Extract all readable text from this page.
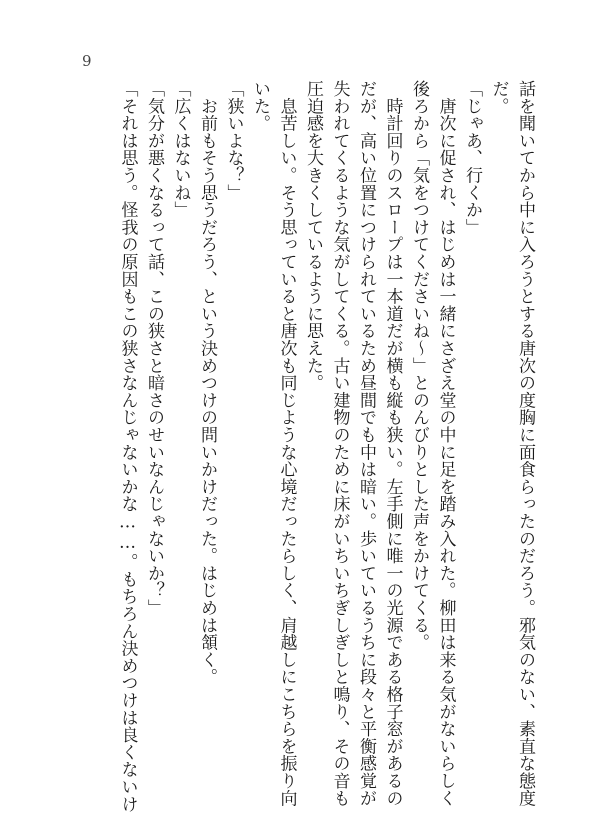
9
話を聞いてから中に入ろうとする唐次の度胸に面食らったのだろう。邪気のない、素直な態度
だ。
「じゃあ、行くか」
　唐次に促され、はじめは一緒にさざえ堂の中に足を踏み入れた。柳田は来る気がないらしく
後ろから「気をつけてくださいね〜」とのんびりとした声をかけてくる。
　時計回りのスロープは一本道だが横も縦も狭い。左手側に唯一の光源である格子窓があるの
だが、高い位置につけられているため昼間でも中は暗い。歩いているうちに段々と平衡感覚が
失われてくるような気がしてくる。古い建物のために床がいちいちぎしぎしと鳴り、その音も
圧迫感を大きくしているように思えた。
　息苦しい。そう思っていると唐次も同じような心境だったらしく、肩越しにこちらを振り向
いた。
「狭いよな？」
　お前もそう思うだろう、という決めつけの問いかけだった。はじめは頷く。
「広くはないね」
「気分が悪くなるって話、この狭さと暗さのせいなんじゃないか？」
「それは思う。怪我の原因もこの狭さなんじゃないかな……。もちろん決めつけは良くないけ
